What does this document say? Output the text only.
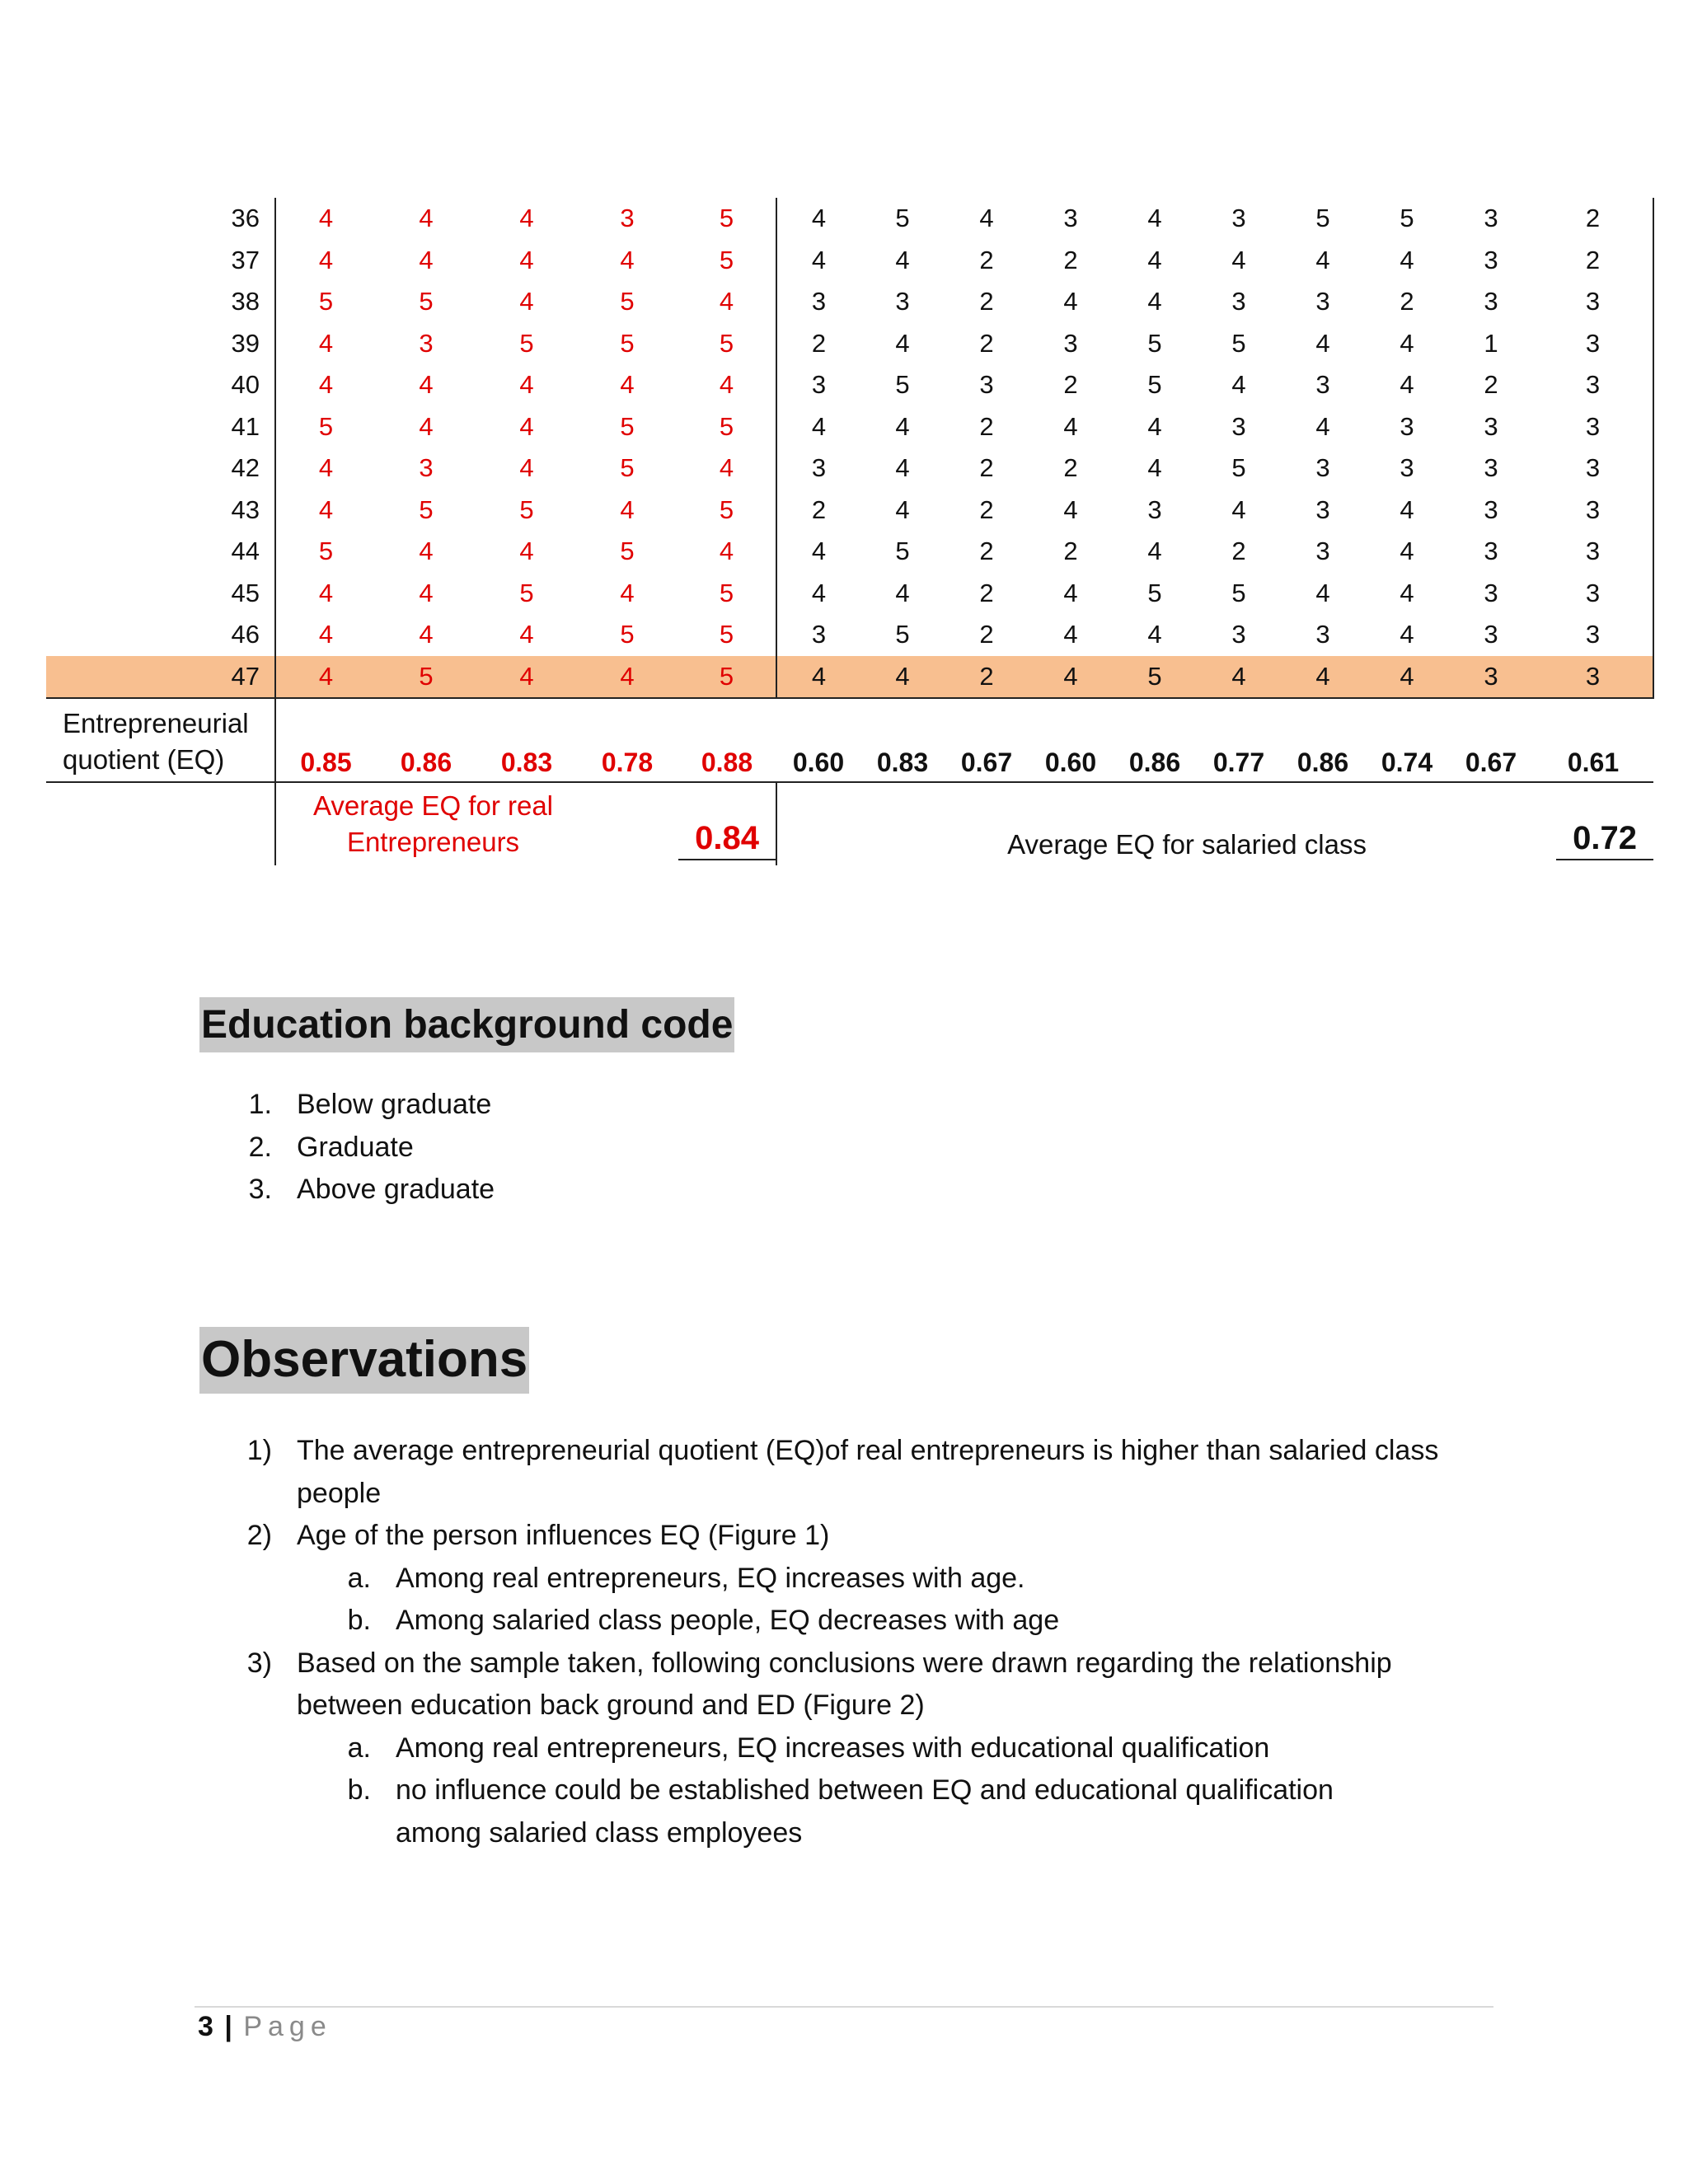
36	4	4	4	3	5	4	5	4	3	4	3	5	5	3	2
37	4	4	4	4	5	4	4	2	2	4	4	4	4	3	2
38	5	5	4	5	4	3	3	2	4	4	3	3	2	3	3
39	4	3	5	5	5	2	4	2	3	5	5	4	4	1	3
40	4	4	4	4	4	3	5	3	2	5	4	3	4	2	3
41	5	4	4	5	5	4	4	2	4	4	3	4	3	3	3
42	4	3	4	5	4	3	4	2	2	4	5	3	3	3	3
43	4	5	5	4	5	2	4	2	4	3	4	3	4	3	3
44	5	4	4	5	4	4	5	2	2	4	2	3	4	3	3
45	4	4	5	4	5	4	4	2	4	5	5	4	4	3	3
46	4	4	4	5	5	3	5	2	4	4	3	3	4	3	3
47	4	5	4	4	5	4	4	2	4	5	4	4	4	3	3
Entrepreneurial quotient (EQ)	0.85	0.86	0.83	0.78	0.88	0.60	0.83	0.67	0.60	0.86	0.77	0.86	0.74	0.67	0.61
	Average EQ for real Entrepreneurs			0.84				Average EQ for salaried class						0.72	
Education background code
1. Below graduate
2. Graduate
3. Above graduate
Observations
1) The average entrepreneurial quotient (EQ)of real entrepreneurs is higher than salaried class people
2) Age of the person influences EQ (Figure 1)
a. Among real entrepreneurs, EQ increases with age.
b. Among salaried class people, EQ decreases with age
3) Based on the sample taken, following conclusions were drawn regarding the relationship between education back ground and ED (Figure 2)
a. Among real entrepreneurs, EQ increases with educational qualification
b. no influence could be established between EQ and educational qualification among salaried class employees
3 | Page
